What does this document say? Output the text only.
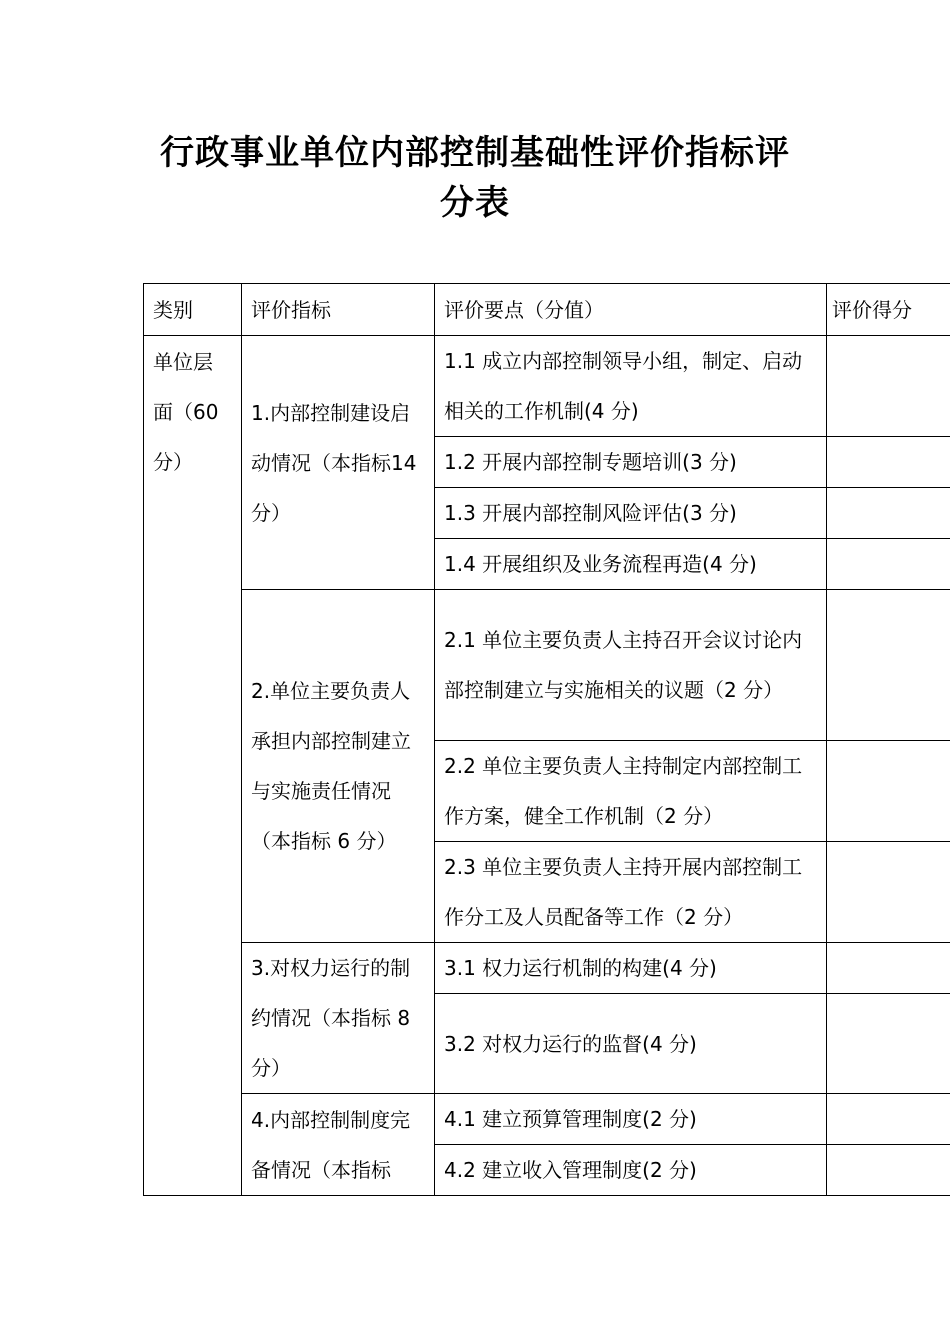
行政事业单位内部控制基础性评价指标评
分表
类别	评价指标	评价要点（分值）	评价得分
单位层面（60分）	1.内部控制建设启动情况（本指标14分）	1.1 成立内部控制领导小组，制定、启动相关的工作机制(4 分)	
		1.2 开展内部控制专题培训(3 分)	
		1.3 开展内部控制风险评估(3 分)	
		1.4 开展组织及业务流程再造(4 分)	
	2.单位主要负责人承担内部控制建立与实施责任情况（本指标 6 分）	2.1 单位主要负责人主持召开会议讨论内部控制建立与实施相关的议题（2 分）	
		2.2 单位主要负责人主持制定内部控制工作方案，健全工作机制（2 分）	
		2.3 单位主要负责人主持开展内部控制工作分工及人员配备等工作（2 分）	
	3.对权力运行的制约情况（本指标 8 分）	3.1 权力运行机制的构建(4 分)	
		3.2 对权力运行的监督(4 分)	
	4.内部控制制度完备情况（本指标	4.1 建立预算管理制度(2 分)	
		4.2 建立收入管理制度(2 分)	
